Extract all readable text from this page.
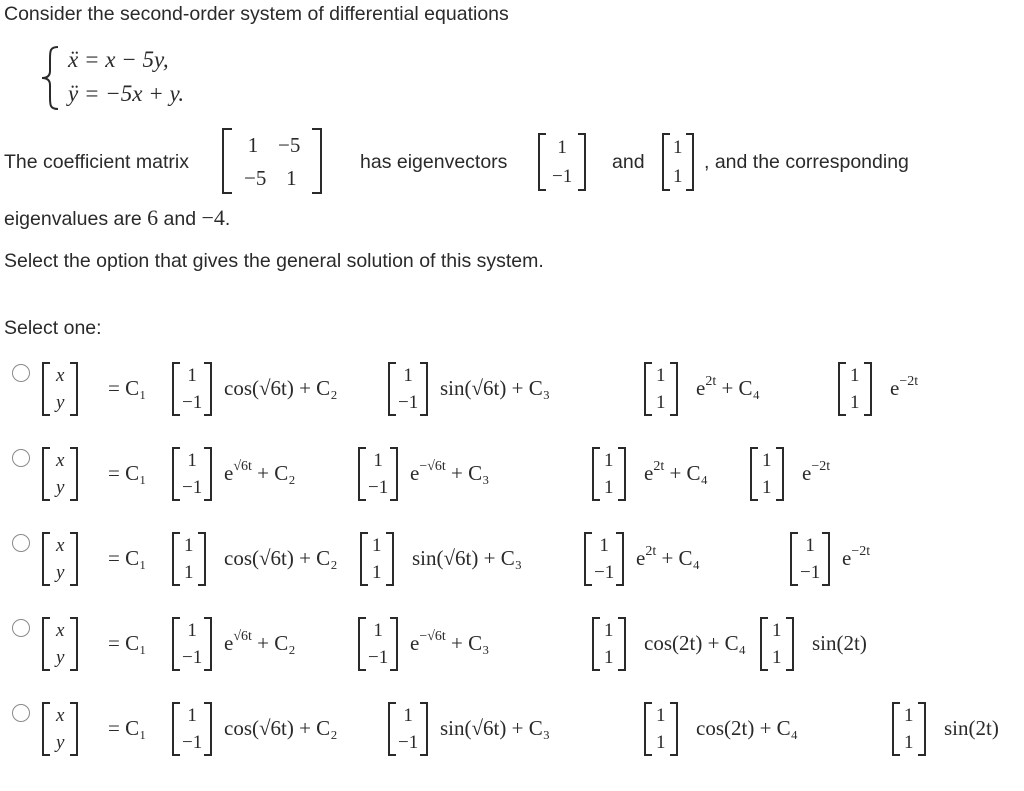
Consider the second-order system of differential equations
ẍ = x − 5y,
ÿ = −5x + y.
The coefficient matrix
1 −5
−5 1
has eigenvectors
1
−1
and
1
1
, and the corresponding
eigenvalues are 6 and −4.
Select the option that gives the general solution of this system.
Select one:
x
y
= C₁
1
−1
cos(√6t) + C₂
1
−1
sin(√6t) + C₃
1
1
$e^{2t} + C_4$
1
1
$e^{-2t}$
x
y
= C₁
1
−1
$e^{√6t} + C_2$
1
−1
$e^{-√6t} + C_3$
1
1
$e^{2t} + C_4$
1
1
$e^{-2t}$
x
y
= C₁
1
1
cos(√6t) + C₂
1
1
sin(√6t) + C₃
1
−1
$e^{2t} + C_4$
1
−1
$e^{-2t}$
x
y
= C₁
1
−1
$e^{√6t} + C_2$
1
−1
$e^{-√6t} + C_3$
1
1
cos(2t) + C₄
1
1
sin(2t)
x
y
= C₁
1
−1
cos(√6t) + C₂
1
−1
sin(√6t) + C₃
1
1
cos(2t) + C₄
1
1
sin(2t)
